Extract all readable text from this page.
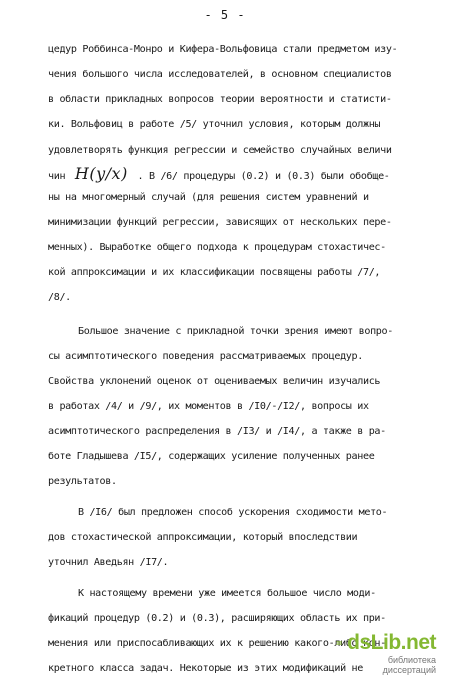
- 5 -
цедур Роббинса-Монро и Кифера-Вольфовица стали предметом изу-
чения большого числа исследователей, в основном специалистов
в области прикладных вопросов теории вероятности и статисти-
ки. Вольфовиц в работе /5/ уточнил условия, которым должны
удовлетворять функция регрессии и семейство случайных величи
чин H(y/x) . В /6/ процедуры (0.2) и (0.3) были обобще-
ны на многомерный случай (для решения систем уравнений и
минимизации функций регрессии, зависящих от нескольких пере-
менных). Выработке общего подхода к процедурам стохастичес-
кой аппроксимации и их классификации посвящены работы /7/,
/8/.
Большое значение с прикладной точки зрения имеют вопро-
сы асимптотического поведения рассматриваемых процедур.
Свойства уклонений оценок от оцениваемых величин изучались
в работах /4/ и /9/, их моментов в /I0/-/I2/, вопросы их
асимптотического распределения в /I3/ и /I4/, а также в ра-
боте Гладышева /I5/, содержащих усиление полученных ранее
результатов.
В /I6/ был предложен способ ускорения сходимости мето-
дов стохастической аппроксимации, который впоследствии
уточнил Аведьян /I7/.
К настоящему времени уже имеется большое число моди-
фикаций процедур (0.2) и (0.3), расширяющих область их при-
менения или приспосабливающих их к решению какого-либо кон-
кретного класса задач. Некоторые из этих модификаций не
dsLib.net
библиотека диссертаций
